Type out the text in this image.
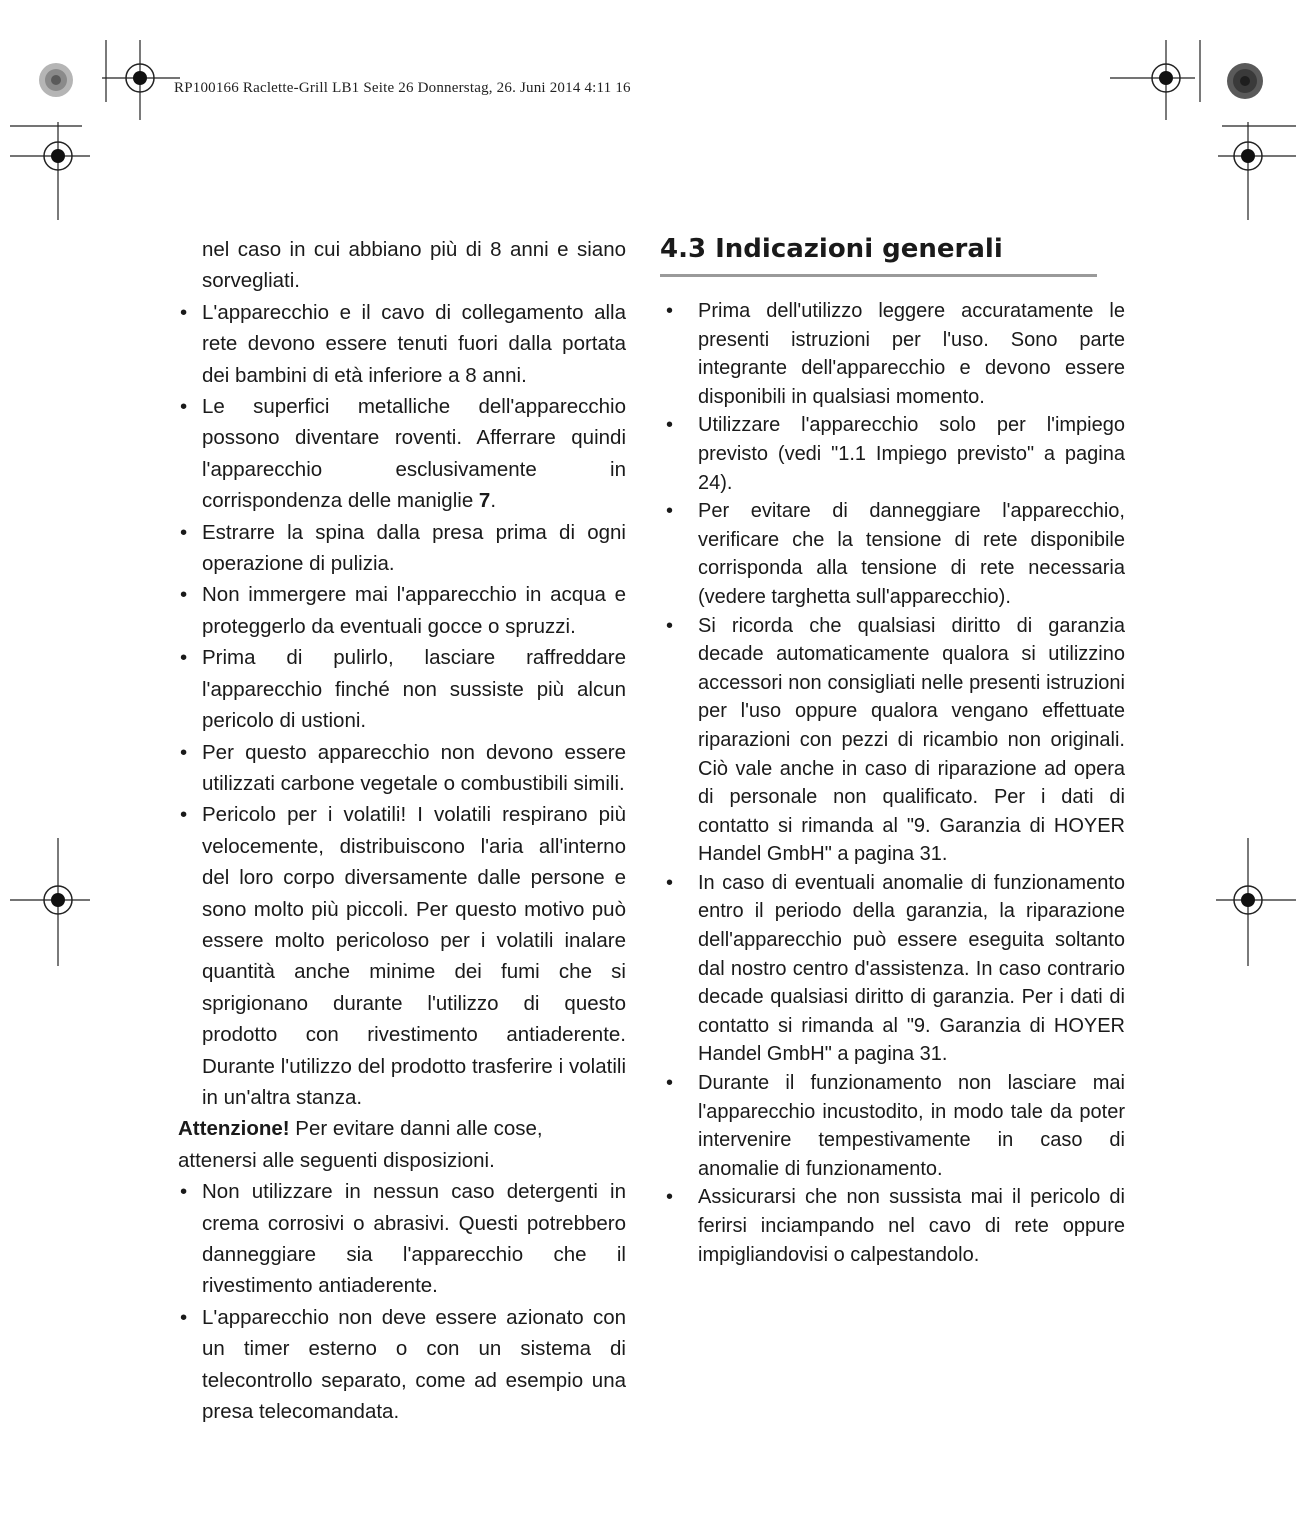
RP100166 Raclette-Grill LB1 Seite 26 Donnerstag, 26. Juni 2014 4:11 16

nel caso in cui abbiano più di 8 anni e siano sorvegliati.

• L'apparecchio e il cavo di collegamento alla rete devono essere tenuti fuori dalla portata dei bambini di età inferiore a 8 anni.
• Le superfici metalliche dell'apparecchio possono diventare roventi. Afferrare quindi l'apparecchio esclusivamente in corrispondenza delle maniglie 7.
• Estrarre la spina dalla presa prima di ogni operazione di pulizia.
• Non immergere mai l'apparecchio in acqua e proteggerlo da eventuali gocce o spruzzi.
• Prima di pulirlo, lasciare raffreddare l'apparecchio finché non sussiste più alcun pericolo di ustioni.
• Per questo apparecchio non devono essere utilizzati carbone vegetale o combustibili simili.
• Pericolo per i volatili! I volatili respirano più velocemente, distribuiscono l'aria all'interno del loro corpo diversamente dalle persone e sono molto più piccoli. Per questo motivo può essere molto pericoloso per i volatili inalare quantità anche minime dei fumi che si sprigionano durante l'utilizzo di questo prodotto con rivestimento antiaderente. Durante l'utilizzo del prodotto trasferire i volatili in un'altra stanza.

Attenzione! Per evitare danni alle cose, attenersi alle seguenti disposizioni.

• Non utilizzare in nessun caso detergenti in crema corrosivi o abrasivi. Questi potrebbero danneggiare sia l'apparecchio che il rivestimento antiaderente.
• L'apparecchio non deve essere azionato con un timer esterno o con un sistema di telecontrollo separato, come ad esempio una presa telecomandata.
4.3 Indicazioni generali
• Prima dell'utilizzo leggere accuratamente le presenti istruzioni per l'uso. Sono parte integrante dell'apparecchio e devono essere disponibili in qualsiasi momento.
• Utilizzare l'apparecchio solo per l'impiego previsto (vedi "1.1 Impiego previsto" a pagina 24).
• Per evitare di danneggiare l'apparecchio, verificare che la tensione di rete disponibile corrisponda alla tensione di rete necessaria (vedere targhetta sull'apparecchio).
• Si ricorda che qualsiasi diritto di garanzia decade automaticamente qualora si utilizzino accessori non consigliati nelle presenti istruzioni per l'uso oppure qualora vengano effettuate riparazioni con pezzi di ricambio non originali. Ciò vale anche in caso di riparazione ad opera di personale non qualificato. Per i dati di contatto si rimanda al "9. Garanzia di HOYER Handel GmbH" a pagina 31.
• In caso di eventuali anomalie di funzionamento entro il periodo della garanzia, la riparazione dell'apparecchio può essere eseguita soltanto dal nostro centro d'assistenza. In caso contrario decade qualsiasi diritto di garanzia. Per i dati di contatto si rimanda al "9. Garanzia di HOYER Handel GmbH" a pagina 31.
• Durante il funzionamento non lasciare mai l'apparecchio incustodito, in modo tale da poter intervenire tempestivamente in caso di anomalie di funzionamento.
• Assicurarsi che non sussista mai il pericolo di ferirsi inciampando nel cavo di rete oppure impigliandovisi o calpestandolo.
